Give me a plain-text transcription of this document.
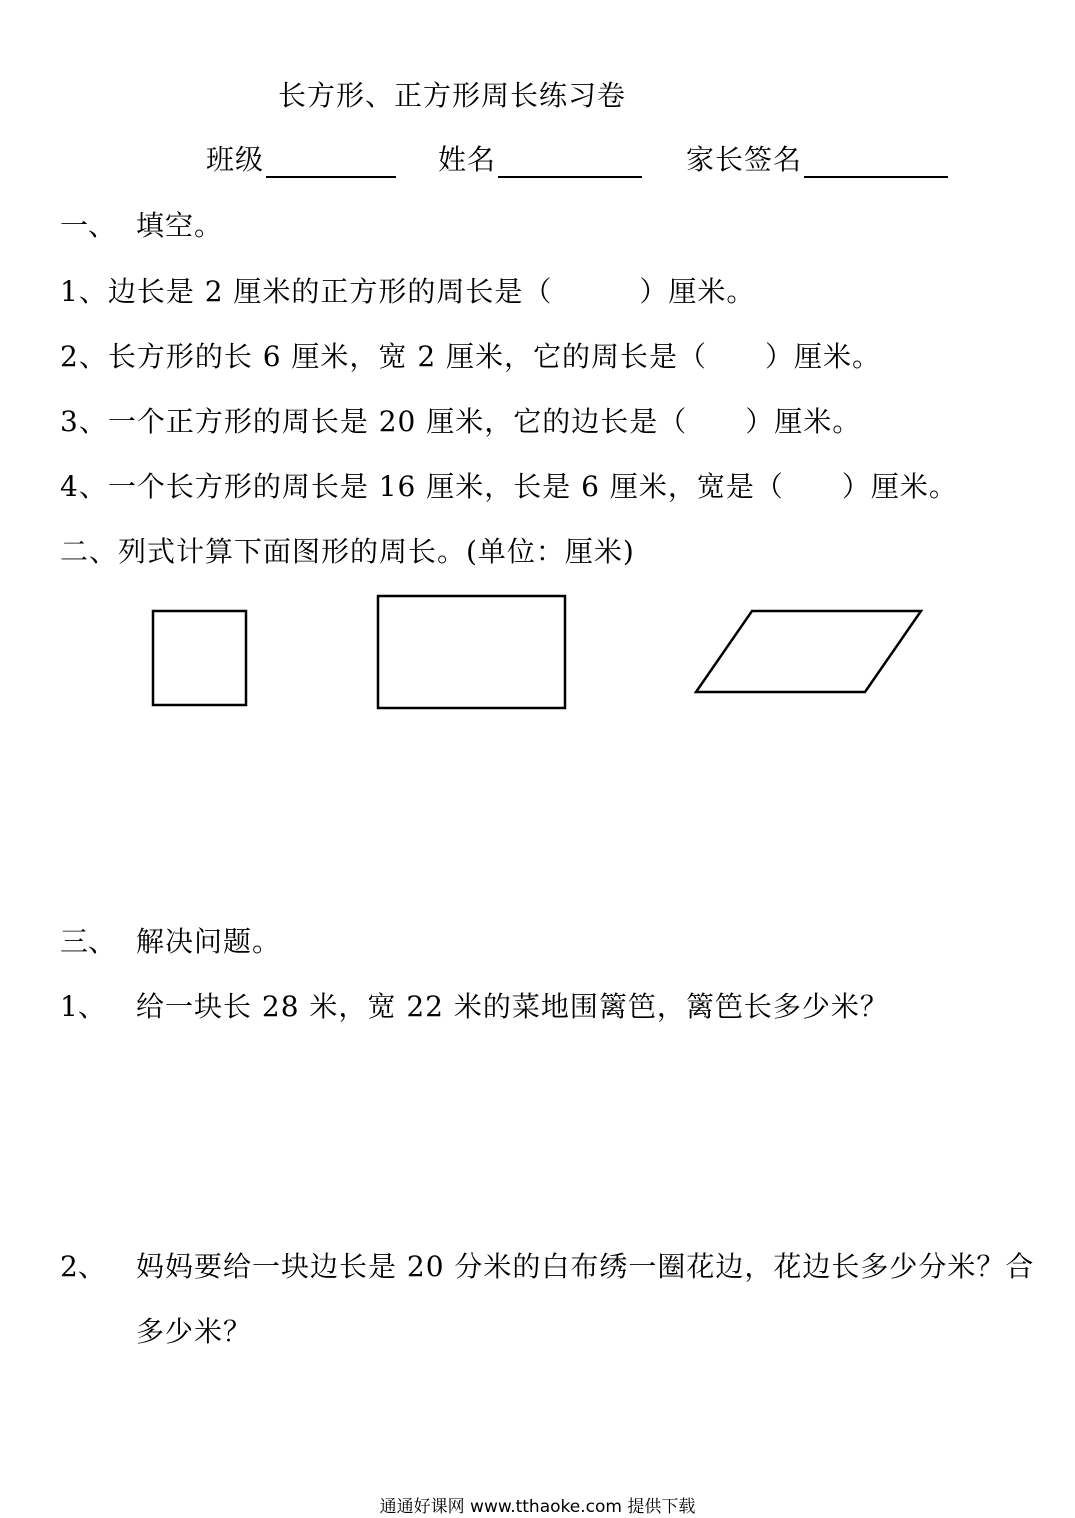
长方形、正方形周长练习卷
班级	姓名	家长签名
一、 填空。
1、边长是 2 厘米的正方形的周长是（　　　）厘米。
2、长方形的长 6 厘米，宽 2 厘米，它的周长是（　　）厘米。
3、一个正方形的周长是 20 厘米，它的边长是（　　）厘米。
4、一个长方形的周长是 16 厘米，长是 6 厘米，宽是（　　）厘米。
二、列式计算下面图形的周长。(单位：厘米)
三、 解决问题。
1、 给一块长 28 米，宽 22 米的菜地围篱笆，篱笆长多少米？
2、 妈妈要给一块边长是 20 分米的白布绣一圈花边，花边长多少分米？合
多少米？
通通好课网 www.tthaoke.com 提供下载
